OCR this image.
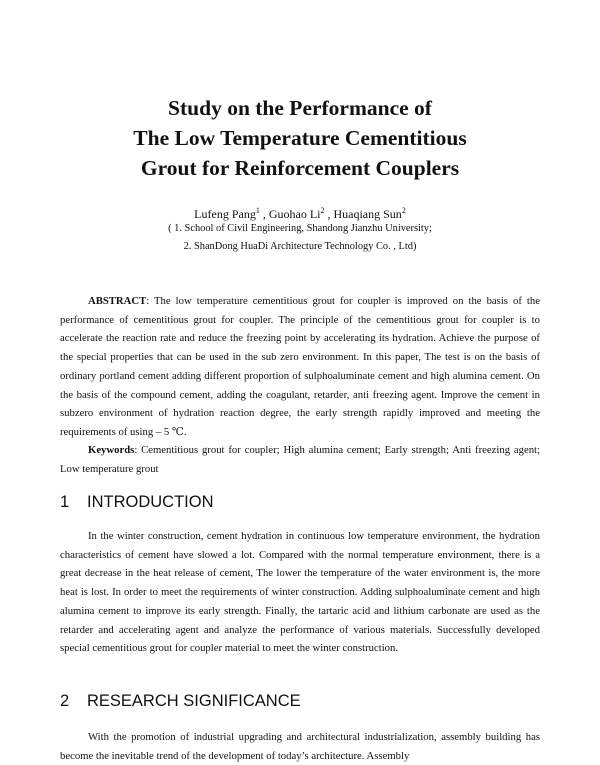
Study on the Performance of
The Low Temperature Cementitious
Grout for Reinforcement Couplers
Lufeng Pang$^1$ , Guohao Li$^2$ , Huaqiang Sun$^2$
( 1. School of Civil Engineering, Shandong Jianzhu University;
2. ShanDong HuaDi Architecture Technology Co. , Ltd)

ABSTRACT: The low temperature cementitious grout for coupler is improved on the basis of the performance of cementitious grout for coupler. The principle of the cementitious grout for coupler is to accelerate the reaction rate and reduce the freezing point by accelerating its hydration. Achieve the purpose of the special properties that can be used in the sub zero environment. In this paper, The test is on the basis of ordinary portland cement adding different proportion of sulphoaluminate cement and high alumina cement. On the basis of the compound cement, adding the coagulant, retarder, anti freezing agent. Improve the cement in subzero environment of hydration reaction degree, the early strength rapidly improved and meeting the requirements of using – 5 ℃.

Keywords: Cementitious grout for coupler; High alumina cement; Early strength; Anti freezing agent; Low temperature grout

1 INTRODUCTION

In the winter construction, cement hydration in continuous low temperature environment, the hydration characteristics of cement have slowed a lot. Compared with the normal temperature environment, there is a great decrease in the heat release of cement, The lower the temperature of the water environment is, the more heat is lost. In order to meet the requirements of winter construction. Adding sulphoaluminate cement and high alumina cement to improve its early strength. Finally, the tartaric acid and lithium carbonate are used as the retarder and accelerating agent and analyze the performance of various materials. Successfully developed special cementitious grout for coupler material to meet the winter construction.

2 RESEARCH SIGNIFICANCE

With the promotion of industrial upgrading and architectural industrialization, assembly building has become the inevitable trend of the development of today’s architecture. Assembly
